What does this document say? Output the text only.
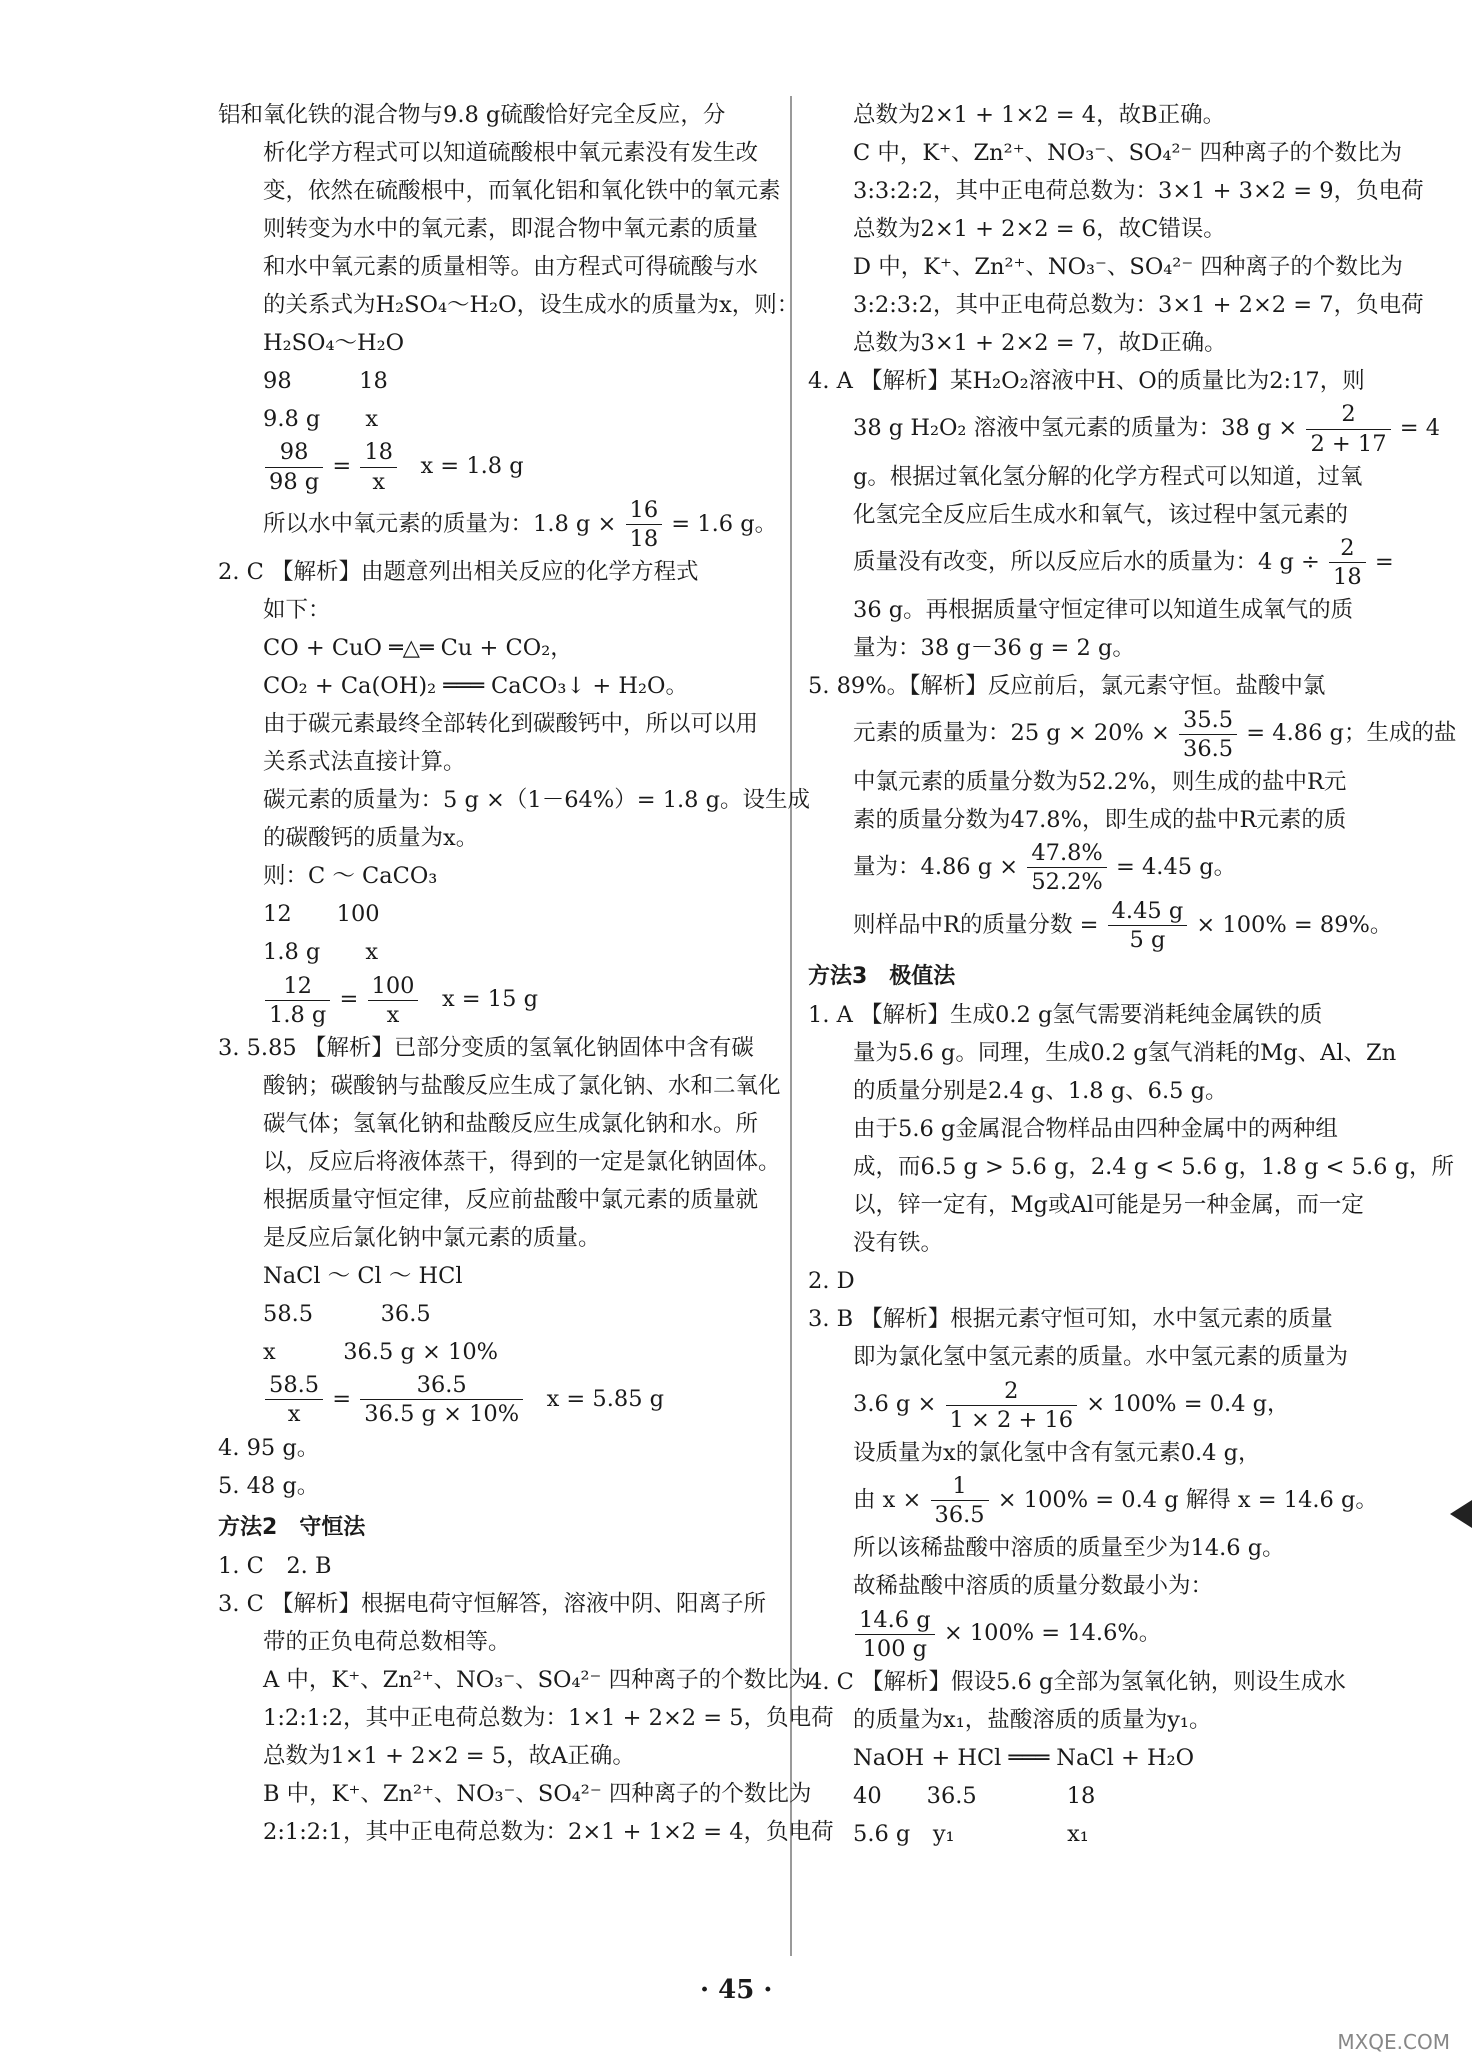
铝和氧化铁的混合物与9.8 g硫酸恰好完全反应，分
析化学方程式可以知道硫酸根中氧元素没有发生改
变，依然在硫酸根中，而氧化铝和氧化铁中的氧元素
则转变为水中的氧元素，即混合物中氧元素的质量
和水中氧元素的质量相等。由方程式可得硫酸与水
的关系式为H₂SO₄～H₂O，设生成水的质量为x，则：
H₂SO₄～H₂O
98　　　18
9.8 g　　x
$\frac{98}{98 g} = \frac{18}{x}$ x = 1.8 g
所以水中氧元素的质量为：1.8 $g \times \frac{16}{18} = 1.6$ g。
2. C 【解析】由题意列出相关反应的化学方程式
如下：
CO + CuO ═△═ Cu + CO₂，
CO₂ + Ca(OH)₂ ═══ CaCO₃↓ + H₂O。
由于碳元素最终全部转化到碳酸钙中，所以可以用
关系式法直接计算。
碳元素的质量为：5 g ×（1－64%）= 1.8 g。设生成
的碳酸钙的质量为x。
则：C ～ CaCO₃
12　　100
1.8 g　　x
$\frac{12}{1.8 g} = \frac{100}{x}$ x = 15 g
3. 5.85 【解析】已部分变质的氢氧化钠固体中含有碳
酸钠；碳酸钠与盐酸反应生成了氯化钠、水和二氧化
碳气体；氢氧化钠和盐酸反应生成氯化钠和水。所
以，反应后将液体蒸干，得到的一定是氯化钠固体。
根据质量守恒定律，反应前盐酸中氯元素的质量就
是反应后氯化钠中氯元素的质量。
NaCl ～ Cl ～ HCl
58.5　　　36.5
x　　　36.5 g × 10%
$\frac{58.5}{x} = \frac{36.5}{36.5 g \times 10\%}$ x = 5.85 g
4. 95 g。
5. 48 g。
方法2　守恒法
1. C　2. B
3. C 【解析】根据电荷守恒解答，溶液中阴、阳离子所
带的正负电荷总数相等。
A 中，K⁺、Zn²⁺、NO₃⁻、SO₄²⁻ 四种离子的个数比为
1:2:1:2，其中正电荷总数为：1×1 + 2×2 = 5，负电荷
总数为1×1 + 2×2 = 5，故A正确。
B 中，K⁺、Zn²⁺、NO₃⁻、SO₄²⁻ 四种离子的个数比为
2:1:2:1，其中正电荷总数为：2×1 + 1×2 = 4，负电荷
总数为2×1 + 1×2 = 4，故B正确。
C 中，K⁺、Zn²⁺、NO₃⁻、SO₄²⁻ 四种离子的个数比为
3:3:2:2，其中正电荷总数为：3×1 + 3×2 = 9，负电荷
总数为2×1 + 2×2 = 6，故C错误。
D 中，K⁺、Zn²⁺、NO₃⁻、SO₄²⁻ 四种离子的个数比为
3:2:3:2，其中正电荷总数为：3×1 + 2×2 = 7，负电荷
总数为3×1 + 2×2 = 7，故D正确。
4. A 【解析】某H₂O₂溶液中H、O的质量比为2:17，则
38 g H₂O₂ 溶液中氢元素的质量为：38 $g \times \frac{2}{2 + 17} = 4$
g。根据过氧化氢分解的化学方程式可以知道，过氧
化氢完全反应后生成水和氧气，该过程中氢元素的
质量没有改变，所以反应后水的质量为：4 $g \div \frac{2}{18}$ =
36 g。再根据质量守恒定律可以知道生成氧气的质
量为：38 g－36 g = 2 g。
5. 89%。【解析】反应前后，氯元素守恒。盐酸中氯
元素的质量为：25 $g \times 20\% \times \frac{35.5}{36.5} = 4.86$ g；生成的盐
中氯元素的质量分数为52.2%，则生成的盐中R元
素的质量分数为47.8%，即生成的盐中R元素的质
量为：4.86 $g \times \frac{47.8\%}{52.2\%} = 4.45$ g。
则样品中R的质量分数 = $\frac{4.45 g}{5 g} \times 100\% = 89\%$。
方法3　极值法
1. A 【解析】生成0.2 g氢气需要消耗纯金属铁的质
量为5.6 g。同理，生成0.2 g氢气消耗的Mg、Al、Zn
的质量分别是2.4 g、1.8 g、6.5 g。
由于5.6 g金属混合物样品由四种金属中的两种组
成，而6.5 g > 5.6 g，2.4 g < 5.6 g，1.8 g < 5.6 g，所
以，锌一定有，Mg或Al可能是另一种金属，而一定
没有铁。
2. D
3. B 【解析】根据元素守恒可知，水中氢元素的质量
即为氯化氢中氢元素的质量。水中氢元素的质量为
3.6 $g \times \frac{2}{1 \times 2 + 16} \times 100\% = 0.4$ g，
设质量为x的氯化氢中含有氢元素0.4 g，
由 $x \times \frac{1}{36.5} \times 100\% = 0.4$ g 解得 x = 14.6 g。
所以该稀盐酸中溶质的质量至少为14.6 g。
故稀盐酸中溶质的质量分数最小为：
$\frac{14.6 g}{100 g} \times 100\% = 14.6\%$。
4. C 【解析】假设5.6 g全部为氢氧化钠，则设生成水
的质量为x₁，盐酸溶质的质量为y₁。
NaOH + HCl ═══ NaCl + H₂O
40　　36.5　　　　18
5.6 g　y₁　　　　　x₁
· 45 ·
MXQE.COM
